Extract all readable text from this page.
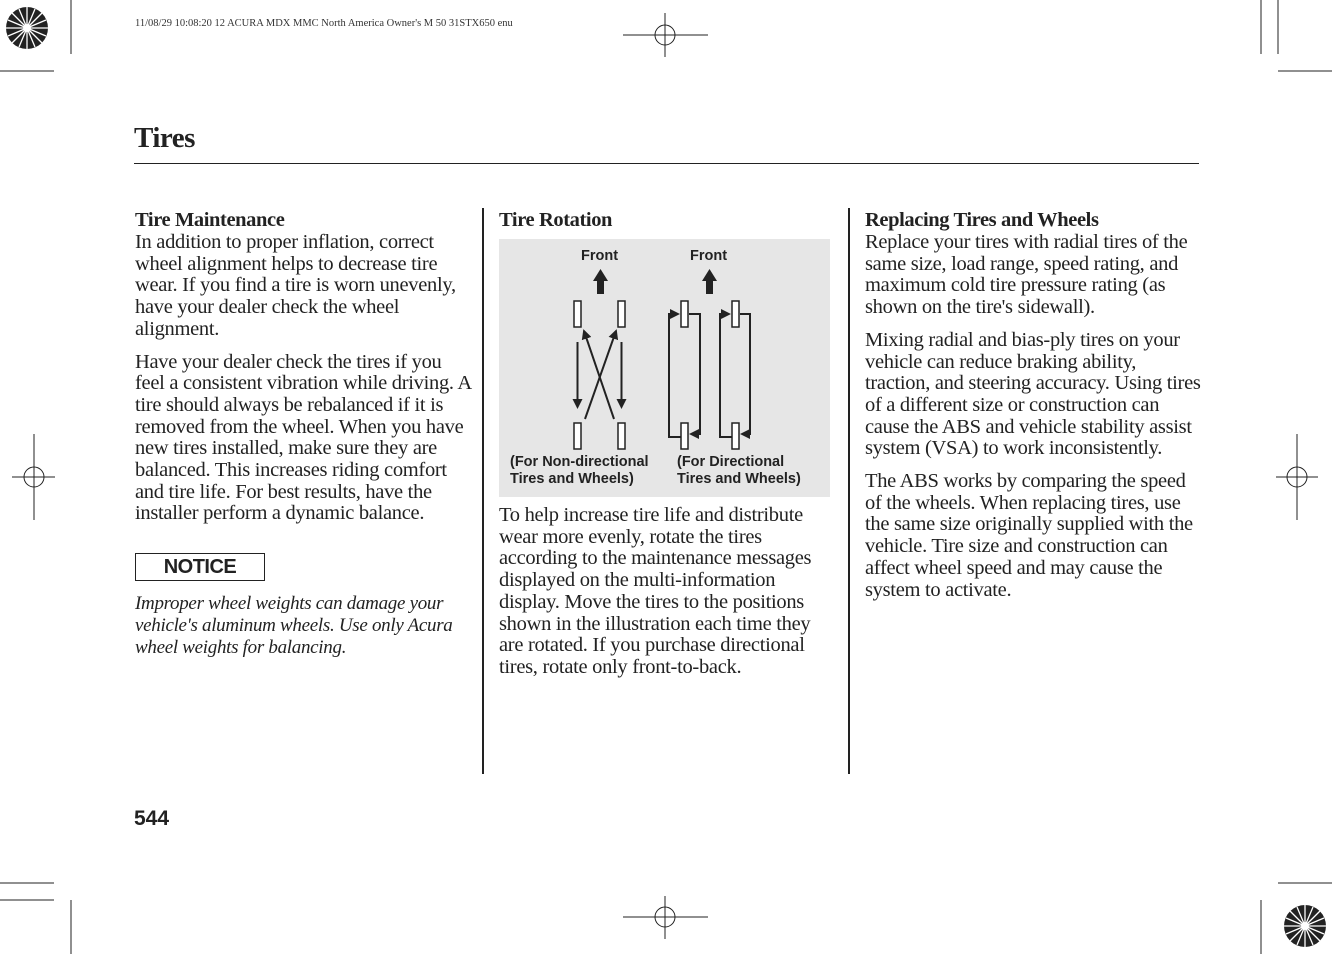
11/08/29 10:08:20 12 ACURA MDX MMC North America Owner's M 50 31STX650 enu
Tires
Tire Maintenance

In addition to proper inflation, correct wheel alignment helps to decrease tire wear. If you find a tire is worn unevenly, have your dealer check the wheel alignment.

Have your dealer check the tires if you feel a consistent vibration while driving. A tire should always be rebalanced if it is removed from the wheel. When you have new tires installed, make sure they are balanced. This increases riding comfort and tire life. For best results, have the installer perform a dynamic balance.

NOTICE

Improper wheel weights can damage your vehicle's aluminum wheels. Use only Acura wheel weights for balancing.

Tire Rotation
Front	Front
(For Non-directional
Tires and Wheels)
(For Directional
Tires and Wheels)

To help increase tire life and distribute wear more evenly, rotate the tires according to the maintenance messages displayed on the multi-information display. Move the tires to the positions shown in the illustration each time they are rotated. If you purchase directional tires, rotate only front-to-back.

Replacing Tires and Wheels

Replace your tires with radial tires of the same size, load range, speed rating, and maximum cold tire pressure rating (as shown on the tire's sidewall).

Mixing radial and bias-ply tires on your vehicle can reduce braking ability, traction, and steering accuracy. Using tires of a different size or construction can cause the ABS and vehicle stability assist system (VSA) to work inconsistently.

The ABS works by comparing the speed of the wheels. When replacing tires, use the same size originally supplied with the vehicle. Tire size and construction can affect wheel speed and may cause the system to activate.

544
